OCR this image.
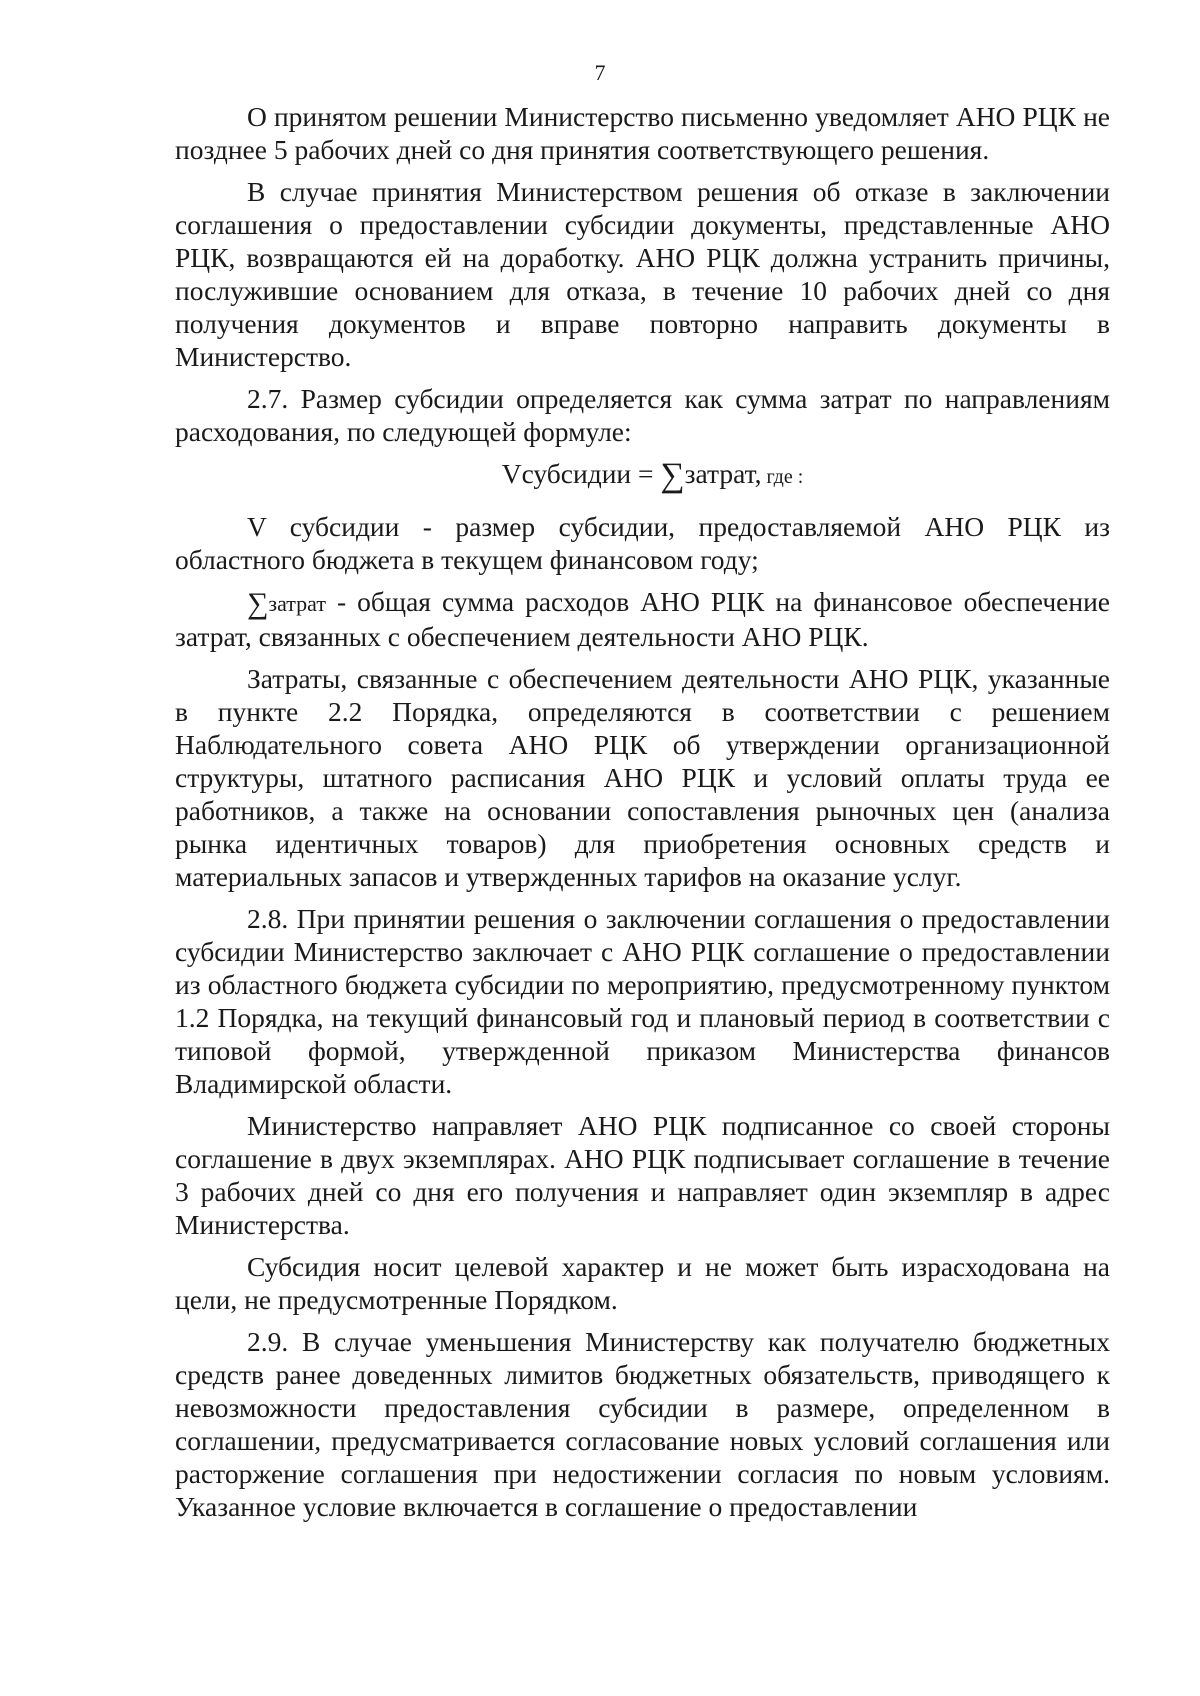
7

О принятом решении Министерство письменно уведомляет АНО РЦК не позднее 5 рабочих дней со дня принятия соответствующего решения.

В случае принятия Министерством решения об отказе в заключении соглашения о предоставлении субсидии документы, представленные АНО РЦК, возвращаются ей на доработку. АНО РЦК должна устранить причины, послужившие основанием для отказа, в течение 10 рабочих дней со дня получения документов и вправе повторно направить документы в Министерство.

2.7. Размер субсидии определяется как сумма затрат по направлениям расходования, по следующей формуле:

Vсубсидии = ∑затрат, где :

V субсидии - размер субсидии, предоставляемой АНО РЦК из областного бюджета в текущем финансовом году;

∑затрат - общая сумма расходов АНО РЦК на финансовое обеспечение затрат, связанных с обеспечением деятельности АНО РЦК.

Затраты, связанные с обеспечением деятельности АНО РЦК, указанные в пункте 2.2 Порядка, определяются в соответствии с решением Наблюдательного совета АНО РЦК об утверждении организационной структуры, штатного расписания АНО РЦК и условий оплаты труда ее работников, а также на основании сопоставления рыночных цен (анализа рынка идентичных товаров) для приобретения основных средств и материальных запасов и утвержденных тарифов на оказание услуг.

2.8. При принятии решения о заключении соглашения о предоставлении субсидии Министерство заключает с АНО РЦК соглашение о предоставлении из областного бюджета субсидии по мероприятию, предусмотренному пунктом 1.2 Порядка, на текущий финансовый год и плановый период в соответствии с типовой формой, утвержденной приказом Министерства финансов Владимирской области.

Министерство направляет АНО РЦК подписанное со своей стороны соглашение в двух экземплярах. АНО РЦК подписывает соглашение в течение 3 рабочих дней со дня его получения и направляет один экземпляр в адрес Министерства.

Субсидия носит целевой характер и не может быть израсходована на цели, не предусмотренные Порядком.

2.9. В случае уменьшения Министерству как получателю бюджетных средств ранее доведенных лимитов бюджетных обязательств, приводящего к невозможности предоставления субсидии в размере, определенном в соглашении, предусматривается согласование новых условий соглашения или расторжение соглашения при недостижении согласия по новым условиям. Указанное условие включается в соглашение о предоставлении
